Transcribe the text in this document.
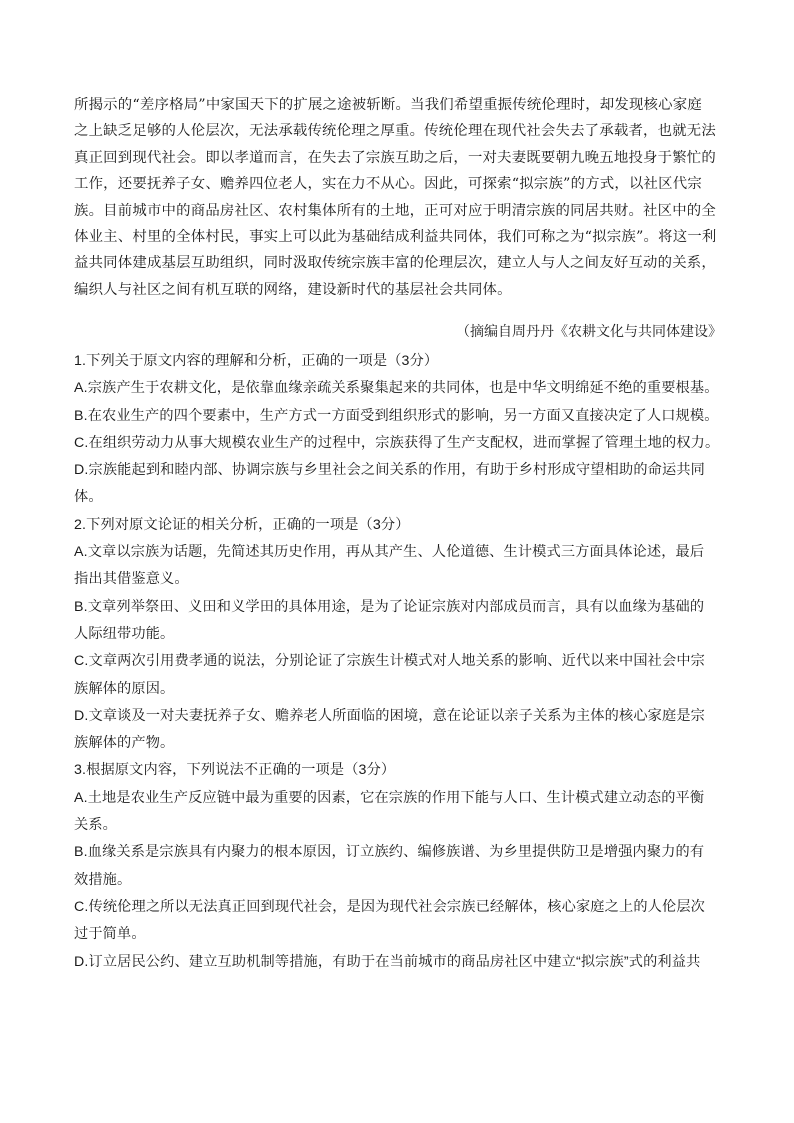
所揭示的“差序格局”中家国天下的扩展之途被斩断。当我们希望重振传统伦理时，却发现核心家庭
之上缺乏足够的人伦层次，无法承载传统伦理之厚重。传统伦理在现代社会失去了承载者，也就无法
真正回到现代社会。即以孝道而言，在失去了宗族互助之后，一对夫妻既要朝九晚五地投身于繁忙的
工作，还要抚养子女、赡养四位老人，实在力不从心。因此，可探索“拟宗族”的方式，以社区代宗
族。目前城市中的商品房社区、农村集体所有的土地，正可对应于明清宗族的同居共财。社区中的全
体业主、村里的全体村民，事实上可以此为基础结成利益共同体，我们可称之为“拟宗族”。将这一利
益共同体建成基层互助组织，同时汲取传统宗族丰富的伦理层次，建立人与人之间友好互动的关系，
编织人与社区之间有机互联的网络，建设新时代的基层社会共同体。
（摘编自周丹丹《农耕文化与共同体建设》
1.下列关于原文内容的理解和分析，正确的一项是（3分）
A.宗族产生于农耕文化，是依靠血缘亲疏关系聚集起来的共同体，也是中华文明绵延不绝的重要根基。
B.在农业生产的四个要素中，生产方式一方面受到组织形式的影响，另一方面又直接决定了人口规模。
C.在组织劳动力从事大规模农业生产的过程中，宗族获得了生产支配权，进而掌握了管理土地的权力。
D.宗族能起到和睦内部、协调宗族与乡里社会之间关系的作用，有助于乡村形成守望相助的命运共同
体。
2.下列对原文论证的相关分析，正确的一项是（3分）
A.文章以宗族为话题，先简述其历史作用，再从其产生、人伦道德、生计模式三方面具体论述，最后
指出其借鉴意义。
B.文章列举祭田、义田和义学田的具体用途，是为了论证宗族对内部成员而言，具有以血缘为基础的
人际纽带功能。
C.文章两次引用费孝通的说法，分别论证了宗族生计模式对人地关系的影响、近代以来中国社会中宗
族解体的原因。
D.文章谈及一对夫妻抚养子女、赡养老人所面临的困境，意在论证以亲子关系为主体的核心家庭是宗
族解体的产物。
3.根据原文内容，下列说法不正确的一项是（3分）
A.土地是农业生产反应链中最为重要的因素，它在宗族的作用下能与人口、生计模式建立动态的平衡
关系。
B.血缘关系是宗族具有内聚力的根本原因，订立族约、编修族谱、为乡里提供防卫是增强内聚力的有
效措施。
C.传统伦理之所以无法真正回到现代社会，是因为现代社会宗族已经解体，核心家庭之上的人伦层次
过于简单。
D.订立居民公约、建立互助机制等措施，有助于在当前城市的商品房社区中建立“拟宗族”式的利益共
